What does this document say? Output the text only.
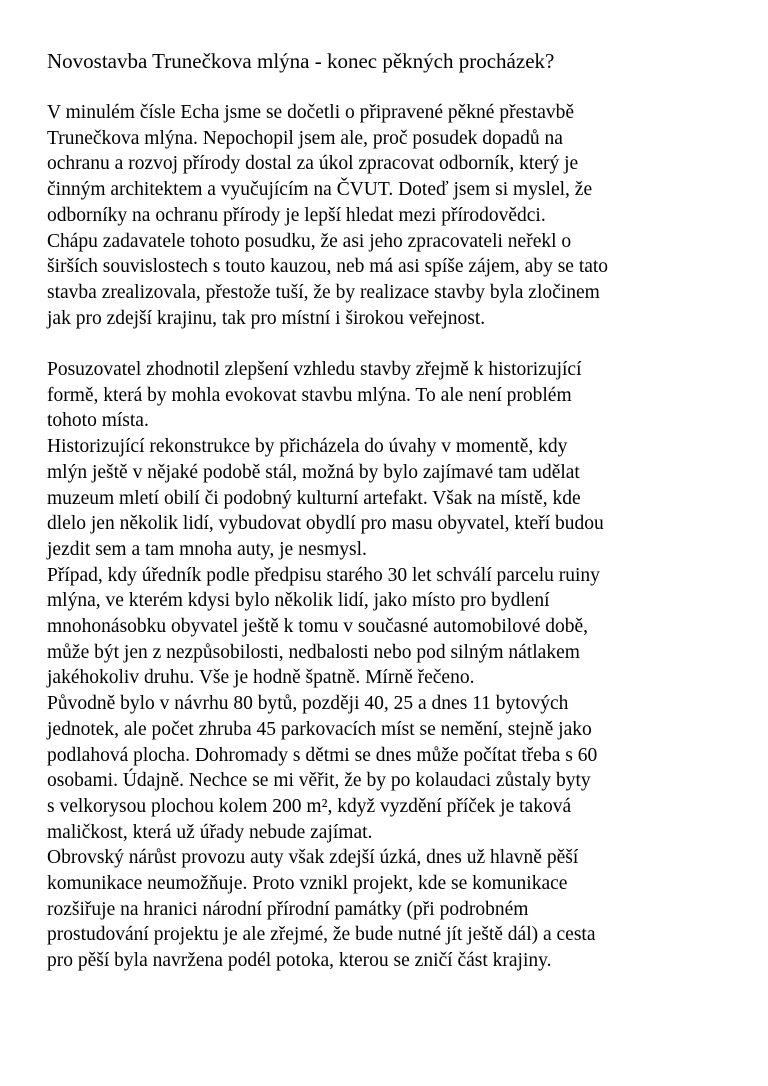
Novostavba Trunečkova mlýna - konec pěkných procházek?
V minulém čísle Echa jsme se dočetli o připravené pěkné přestavbě
Trunečkova mlýna. Nepochopil jsem ale, proč posudek dopadů na
ochranu a rozvoj přírody dostal za úkol zpracovat odborník, který je
činným architektem a vyučujícím na ČVUT. Doteď jsem si myslel, že
odborníky na ochranu přírody je lepší hledat mezi přírodovědci.
Chápu zadavatele tohoto posudku, že asi jeho zpracovateli neřekl o
širších souvislostech s touto kauzou, neb má asi spíše zájem, aby se tato
stavba zrealizovala, přestože tuší, že by realizace stavby byla zločinem
jak pro zdejší krajinu, tak pro místní i širokou veřejnost.
Posuzovatel zhodnotil zlepšení vzhledu stavby zřejmě k historizující
formě, která by mohla evokovat stavbu mlýna. To ale není problém
tohoto místa.
Historizující rekonstrukce by přicházela do úvahy v momentě, kdy
mlýn ještě v nějaké podobě stál, možná by bylo zajímavé tam udělat
muzeum mletí obilí či podobný kulturní artefakt. Však na místě, kde
dlelo jen několik lidí, vybudovat obydlí pro masu obyvatel, kteří budou
jezdit sem a tam mnoha auty, je nesmysl.
Případ, kdy úředník podle předpisu starého 30 let schválí parcelu ruiny
mlýna, ve kterém kdysi bylo několik lidí, jako místo pro bydlení
mnohonásobku obyvatel ještě k tomu v současné automobilové době,
může být jen z nezpůsobilosti, nedbalosti nebo pod silným nátlakem
jakéhokoliv druhu. Vše je hodně špatně. Mírně řečeno.
Původně bylo v návrhu 80 bytů, později 40, 25 a dnes 11 bytových
jednotek, ale počet zhruba 45 parkovacích míst se nemění, stejně jako
podlahová plocha. Dohromady s dětmi se dnes může počítat třeba s 60
osobami. Údajně. Nechce se mi věřit, že by po kolaudaci zůstaly byty
s velkorysou plochou kolem 200 m², když vyzdění příček je taková
maličkost, která už úřady nebude zajímat.
Obrovský nárůst provozu auty však zdejší úzká, dnes už hlavně pěší
komunikace neumožňuje. Proto vznikl projekt, kde se komunikace
rozšiřuje na hranici národní přírodní památky (při podrobném
prostudování projektu je ale zřejmé, že bude nutné jít ještě dál) a cesta
pro pěší byla navržena podél potoka, kterou se zničí část krajiny.
